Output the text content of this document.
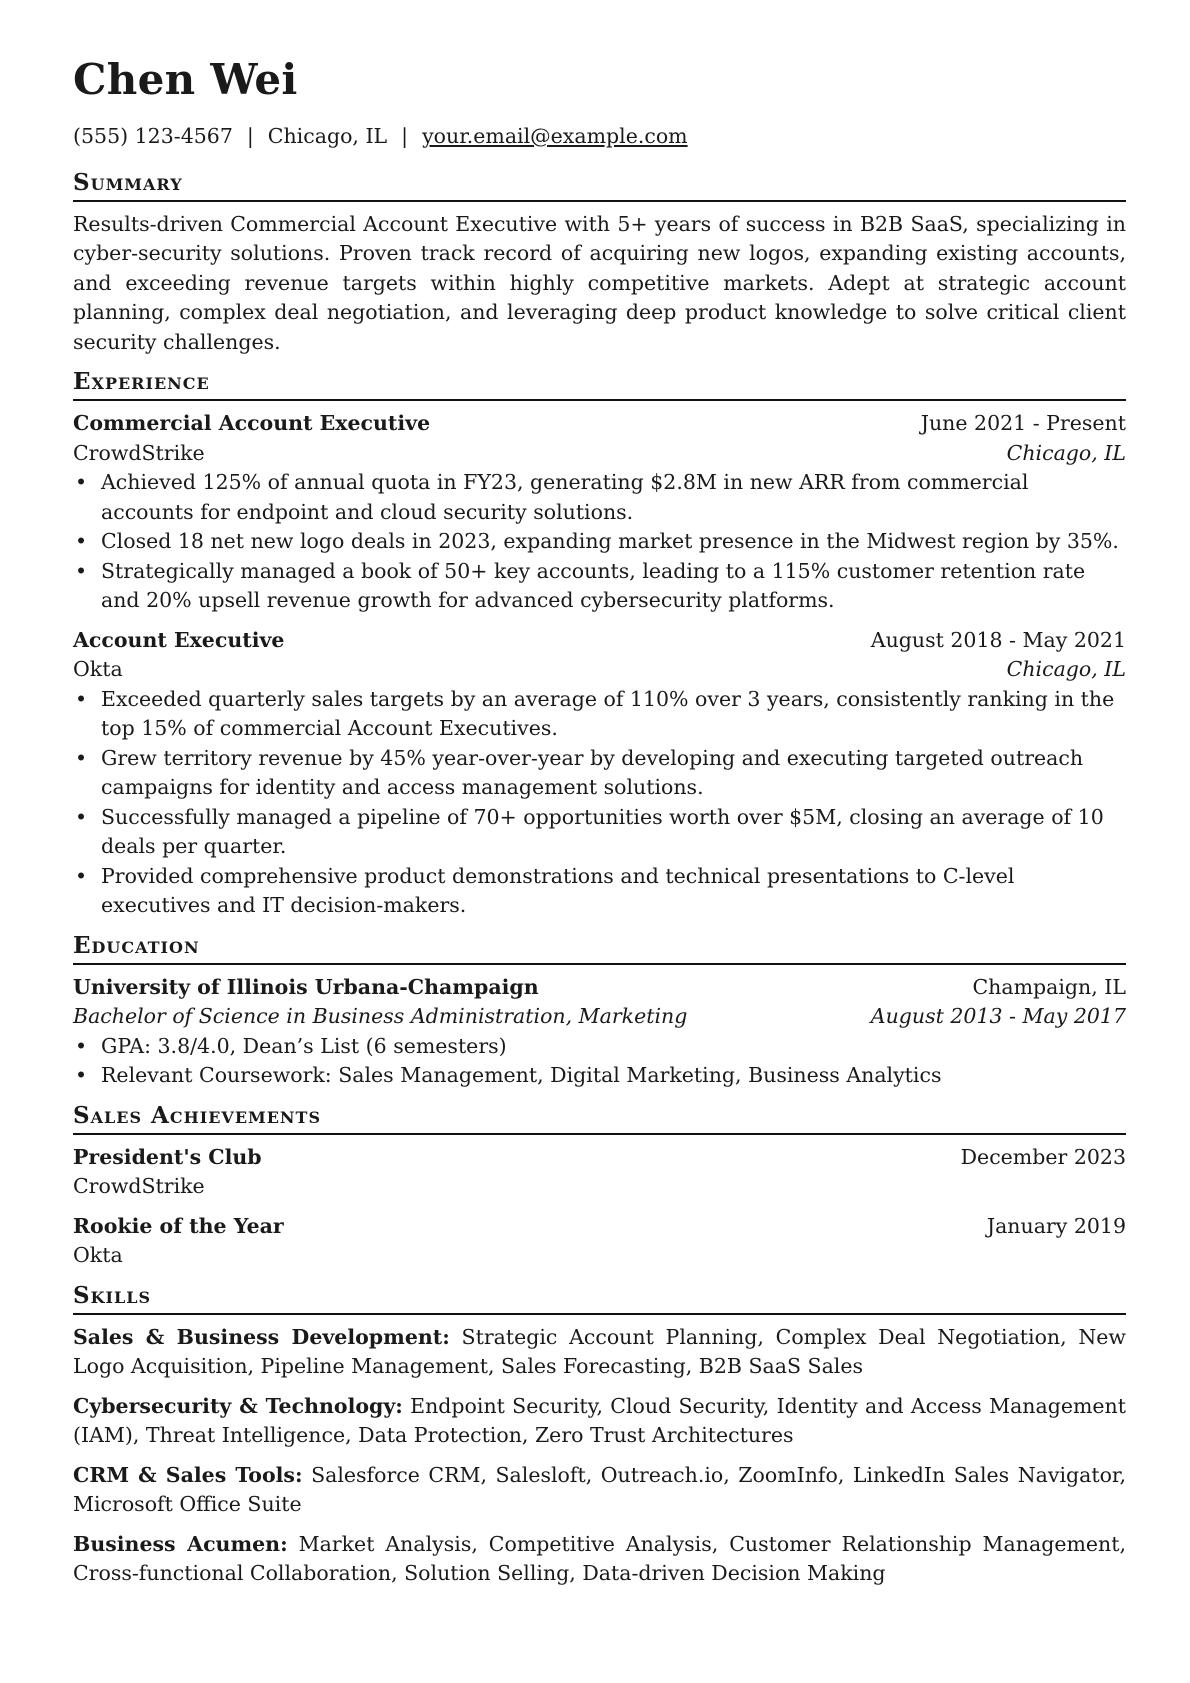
Chen Wei
(555) 123-4567 | Chicago, IL | your.email@example.com
Summary
Results-driven Commercial Account Executive with 5+ years of success in B2B SaaS, specializing in cyber-security solutions. Proven track record of acquiring new logos, expanding existing accounts, and exceeding revenue targets within highly competitive markets. Adept at strategic account planning, complex deal negotiation, and leveraging deep product knowledge to solve critical client security challenges.
Experience
Commercial Account Executive	June 2021 - Present
CrowdStrike	Chicago, IL
• Achieved 125% of annual quota in FY23, generating $2.8M in new ARR from commercial accounts for endpoint and cloud security solutions.
• Closed 18 net new logo deals in 2023, expanding market presence in the Midwest region by 35%.
• Strategically managed a book of 50+ key accounts, leading to a 115% customer retention rate and 20% upsell revenue growth for advanced cybersecurity platforms.
Account Executive	August 2018 - May 2021
Okta	Chicago, IL
• Exceeded quarterly sales targets by an average of 110% over 3 years, consistently ranking in the top 15% of commercial Account Executives.
• Grew territory revenue by 45% year-over-year by developing and executing targeted outreach campaigns for identity and access management solutions.
• Successfully managed a pipeline of 70+ opportunities worth over $5M, closing an average of 10 deals per quarter.
• Provided comprehensive product demonstrations and technical presentations to C-level executives and IT decision-makers.
Education
University of Illinois Urbana-Champaign	Champaign, IL
Bachelor of Science in Business Administration, Marketing	August 2013 - May 2017
• GPA: 3.8/4.0, Dean’s List (6 semesters)
• Relevant Coursework: Sales Management, Digital Marketing, Business Analytics
Sales Achievements
President's Club	December 2023
CrowdStrike
Rookie of the Year	January 2019
Okta
Skills
Sales & Business Development: Strategic Account Planning, Complex Deal Negotiation, New Logo Acquisition, Pipeline Management, Sales Forecasting, B2B SaaS Sales
Cybersecurity & Technology: Endpoint Security, Cloud Security, Identity and Access Management (IAM), Threat Intelligence, Data Protection, Zero Trust Architectures
CRM & Sales Tools: Salesforce CRM, Salesloft, Outreach.io, ZoomInfo, LinkedIn Sales Navigator, Microsoft Office Suite
Business Acumen: Market Analysis, Competitive Analysis, Customer Relationship Management, Cross-functional Collaboration, Solution Selling, Data-driven Decision Making
